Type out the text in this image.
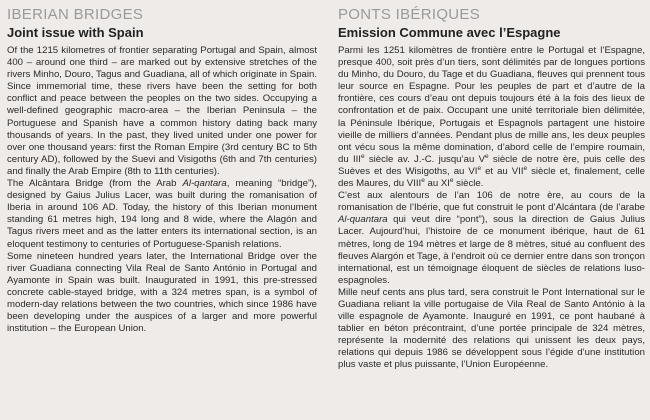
IBERIAN BRIDGES
Joint issue with Spain

Of the 1215 kilometres of frontier separating Portugal and Spain, almost 400 – around one third – are marked out by extensive stretches of the rivers Minho, Douro, Tagus and Guadiana, all of which originate in Spain. Since immemorial time, these rivers have been the setting for both conflict and peace between the peoples on the two sides. Occupying a well-defined geographic macro-area – the Iberian Peninsula – the Portuguese and Spanish have a common history dating back many thousands of years. In the past, they lived united under one power for over one thousand years: first the Roman Empire (3rd century BC to 5th century AD), followed by the Suevi and Visigoths (6th and 7th centuries) and finally the Arab Empire (8th to 11th centuries).

The Alcântara Bridge (from the Arab Al-qantara, meaning “bridge”), designed by Gaius Julius Lacer, was built during the romanisation of Iberia in around 106 AD. Today, the history of this Iberian monument standing 61 metres high, 194 long and 8 wide, where the Alagón and Tagus rivers meet and as the latter enters its international section, is an eloquent testimony to centuries of Portuguese-Spanish relations.

Some nineteen hundred years later, the International Bridge over the river Guadiana connecting Vila Real de Santo António in Portugal and Ayamonte in Spain was built. Inaugurated in 1991, this pre-stressed concrete cable-stayed bridge, with a 324 metres span, is a symbol of modern-day relations between the two countries, which since 1986 have been developing under the auspices of a larger and more powerful institution – the European Union.

PONTS IBÉRIQUES
Emission Commune avec l’Espagne

Parmi les 1251 kilomètres de frontière entre le Portugal et l’Espagne, presque 400, soit près d’un tiers, sont délimités par de longues portions du Minho, du Douro, du Tage et du Guadiana, fleuves qui prennent tous leur source en Espagne. Pour les peuples de part et d’autre de la frontière, ces cours d’eau ont depuis toujours été à la fois des lieux de confrontation et de paix. Occupant une unité territoriale bien délimitée, la Péninsule Ibérique, Portugais et Espagnols partagent une histoire vieille de milliers d’années. Pendant plus de mille ans, les deux peuples ont vécu sous la même domination, d’abord celle de l’empire roumain, du IIIe siècle av. J.-C. jusqu’au Ve siècle de notre ère, puis celle des Suèves et des Wisigoths, au VIe et au VIIe siècle et, finalement, celle des Maures, du VIIIe au XIe siècle.

C’est aux alentours de l’an 106 de notre ère, au cours de la romanisation de l’Ibérie, que fut construit le pont d’Alcántara (de l’arabe Al-quantara qui veut dire “pont”), sous la direction de Gaius Julius Lacer. Aujourd’hui, l’histoire de ce monument ibérique, haut de 61 mètres, long de 194 mètres et large de 8 mètres, situé au confluent des fleuves Alargón et Tage, à l’endroit où ce dernier entre dans son tronçon international, est un témoignage éloquent de siècles de relations luso-espagnoles.

Mille neuf cents ans plus tard, sera construit le Pont International sur le Guadiana reliant la ville portugaise de Vila Real de Santo António à la ville espagnole de Ayamonte. Inauguré en 1991, ce pont haubané à tablier en béton précontraint, d’une portée principale de 324 mètres, représente la modernité des relations qui unissent les deux pays, relations qui depuis 1986 se développent sous l’égide d’une institution plus vaste et plus puissante, l’Union Européenne.
